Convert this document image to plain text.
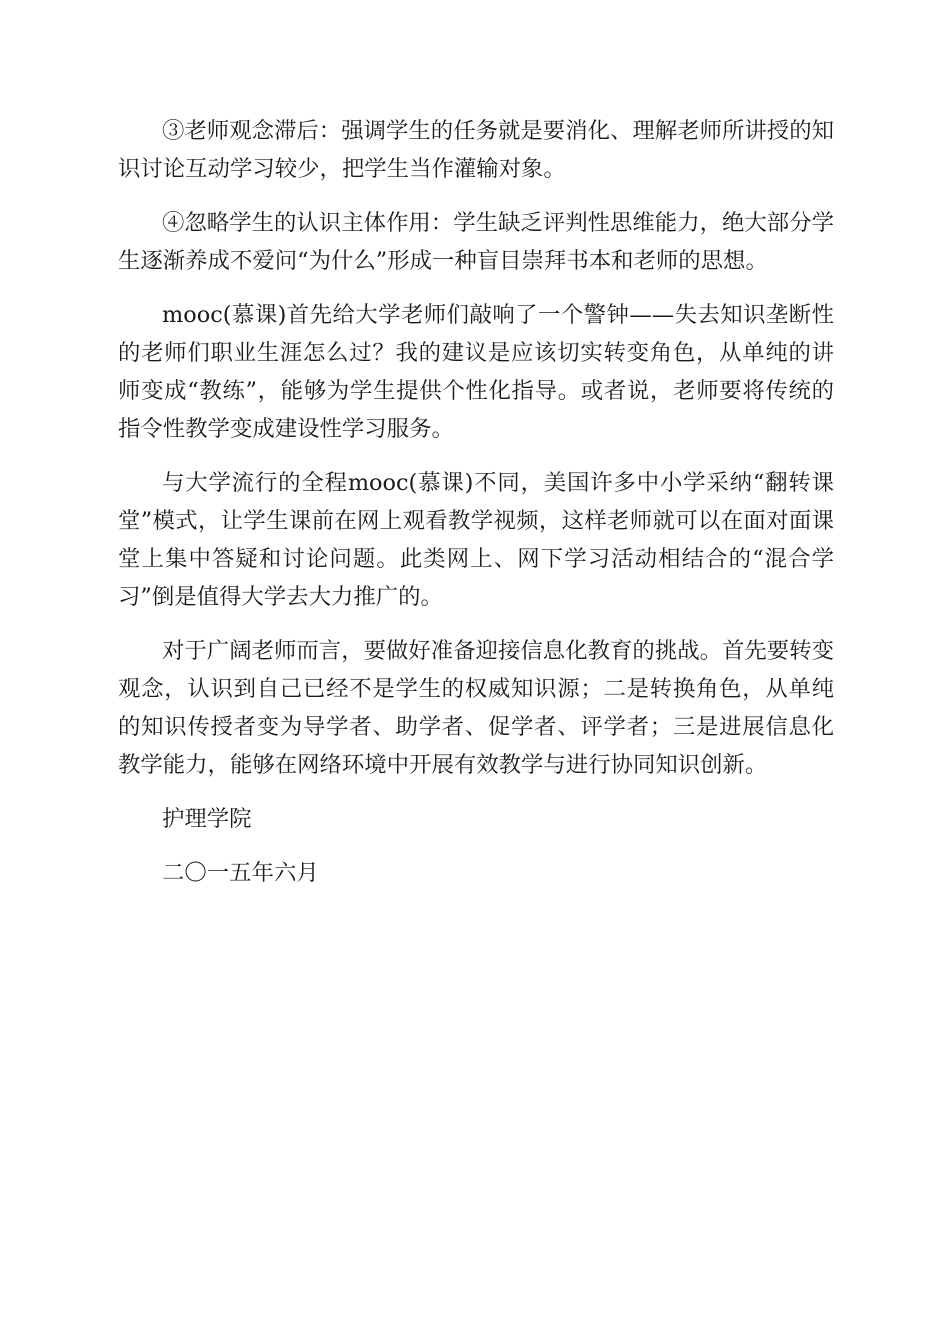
③老师观念滞后：强调学生的任务就是要消化、理解老师所讲授的知识讨论互动学习较少，把学生当作灌输对象。

④忽略学生的认识主体作用：学生缺乏评判性思维能力，绝大部分学生逐渐养成不爱问“为什么”形成一种盲目崇拜书本和老师的思想。

mooc(慕课)首先给大学老师们敲响了一个警钟——失去知识垄断性的老师们职业生涯怎么过？我的建议是应该切实转变角色，从单纯的讲师变成“教练”，能够为学生提供个性化指导。或者说，老师要将传统的指令性教学变成建设性学习服务。

与大学流行的全程mooc(慕课)不同，美国许多中小学采纳“翻转课堂”模式，让学生课前在网上观看教学视频，这样老师就可以在面对面课堂上集中答疑和讨论问题。此类网上、网下学习活动相结合的“混合学习”倒是值得大学去大力推广的。

对于广阔老师而言，要做好准备迎接信息化教育的挑战。首先要转变观念，认识到自己已经不是学生的权威知识源；二是转换角色，从单纯的知识传授者变为导学者、助学者、促学者、评学者；三是进展信息化教学能力，能够在网络环境中开展有效教学与进行协同知识创新。

护理学院

二〇一五年六月
